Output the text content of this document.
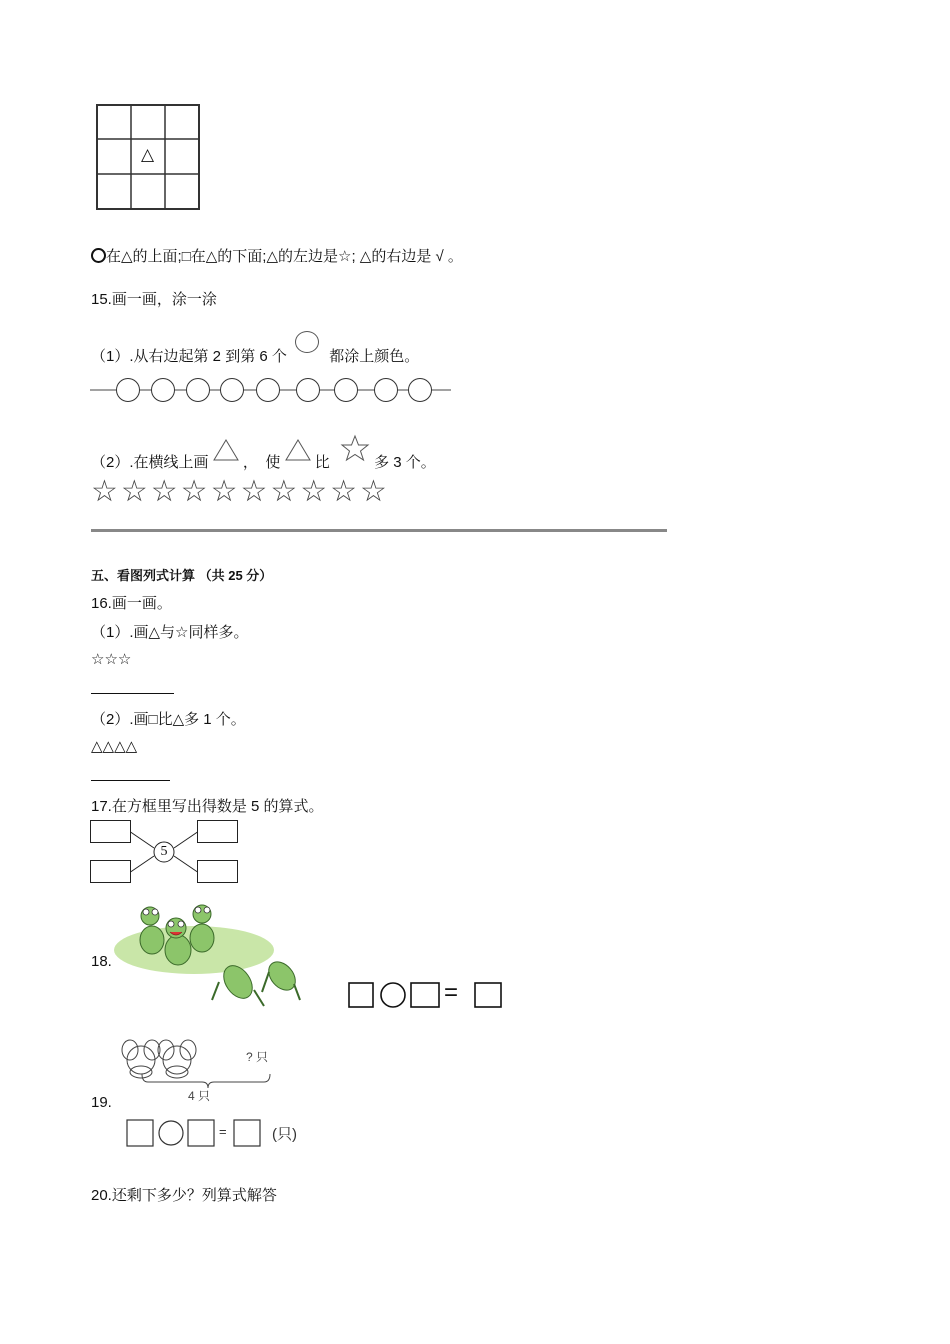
△
在△的上面;□在△的下面;△的左边是☆; △的右边是 √ 。
15.画一画，涂一涂
（1）.从右边起第 2 到第 6 个	都涂上颜色。
（2）.在横线上画 ，　使 比	多 3 个。
☆☆☆☆☆☆☆☆☆☆
五、看图列式计算 （共 25 分）
16.画一画。
（1）.画△与☆同样多。
☆☆☆
（2）.画□比△多 1 个。
△△△△
17.在方框里写出得数是 5 的算式。
5
18.
=
? 只
4 只
19.
=	(只)
20.还剩下多少？列算式解答
